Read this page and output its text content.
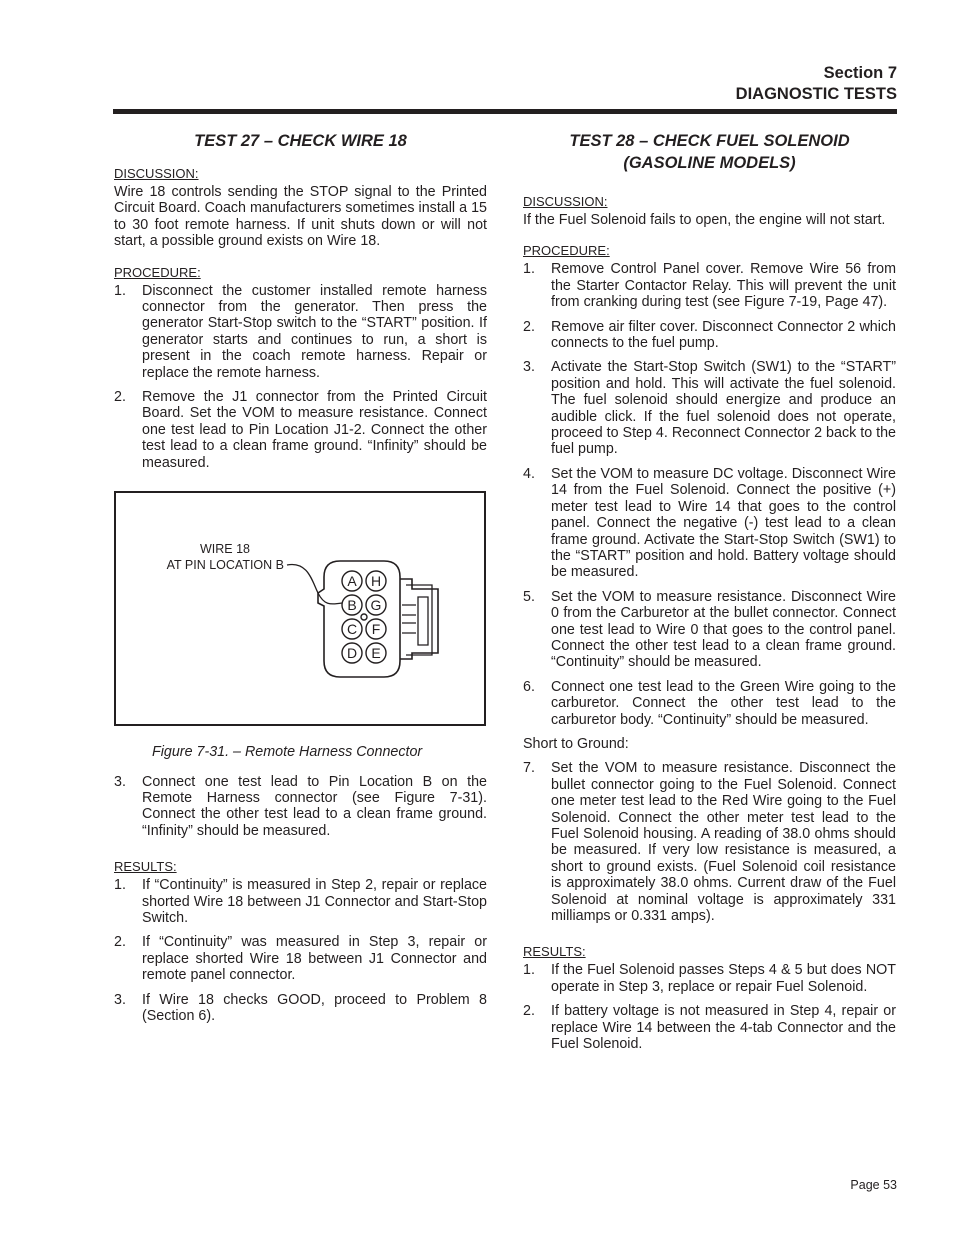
Section 7
DIAGNOSTIC TESTS
TEST 27 – CHECK WIRE 18
DISCUSSION:
Wire 18 controls sending the STOP signal to the Printed Circuit Board. Coach manufacturers sometimes install a 15 to 30 foot remote harness. If unit shuts down or will not start, a possible ground exists on Wire 18.
PROCEDURE:
1. Disconnect the customer installed remote harness connector from the generator. Then press the generator Start-Stop switch to the “START” position. If generator starts and continues to run, a short is present in the coach remote harness. Repair or replace the remote harness.
2. Remove the J1 connector from the Printed Circuit Board. Set the VOM to measure resistance. Connect one test lead to Pin Location J1-2. Connect the other test lead to a clean frame ground. “Infinity” should be measured.
WIRE 18
AT PIN LOCATION B
A H
B G
C F
D E
Figure 7-31. – Remote Harness Connector
3. Connect one test lead to Pin Location B on the Remote Harness connector (see Figure 7-31). Connect the other test lead to a clean frame ground. “Infinity” should be measured.
RESULTS:
1. If “Continuity” is measured in Step 2, repair or replace shorted Wire 18 between J1 Connector and Start-Stop Switch.
2. If “Continuity” was measured in Step 3, repair or replace shorted Wire 18 between J1 Connector and remote panel connector.
3. If Wire 18 checks GOOD, proceed to Problem 8 (Section 6).
TEST 28 – CHECK FUEL SOLENOID
(GASOLINE MODELS)
DISCUSSION:
If the Fuel Solenoid fails to open, the engine will not start.
PROCEDURE:
1. Remove Control Panel cover. Remove Wire 56 from the Starter Contactor Relay. This will prevent the unit from cranking during test (see Figure 7-19, Page 47).
2. Remove air filter cover. Disconnect Connector 2 which connects to the fuel pump.
3. Activate the Start-Stop Switch (SW1) to the “START” position and hold. This will activate the fuel solenoid. The fuel solenoid should energize and produce an audible click. If the fuel solenoid does not operate, proceed to Step 4. Reconnect Connector 2 back to the fuel pump.
4. Set the VOM to measure DC voltage. Disconnect Wire 14 from the Fuel Solenoid. Connect the positive (+) meter test lead to Wire 14 that goes to the control panel. Connect the negative (-) test lead to a clean frame ground. Activate the Start-Stop Switch (SW1) to the “START” position and hold. Battery voltage should be measured.
5. Set the VOM to measure resistance. Disconnect Wire 0 from the Carburetor at the bullet connector. Connect one test lead to Wire 0 that goes to the control panel. Connect the other test lead to a clean frame ground. “Continuity” should be measured.
6. Connect one test lead to the Green Wire going to the carburetor. Connect the other test lead to the carburetor body. “Continuity” should be measured.
Short to Ground:
7. Set the VOM to measure resistance. Disconnect the bullet connector going to the Fuel Solenoid. Connect one meter test lead to the Red Wire going to the Fuel Solenoid. Connect the other meter test lead to the Fuel Solenoid housing. A reading of 38.0 ohms should be measured. If very low resistance is measured, a short to ground exists. (Fuel Solenoid coil resistance is approximately 38.0 ohms. Current draw of the Fuel Solenoid at nominal voltage is approximately 331 milliamps or 0.331 amps).
RESULTS:
1. If the Fuel Solenoid passes Steps 4 & 5 but does NOT operate in Step 3, replace or repair Fuel Solenoid.
2. If battery voltage is not measured in Step 4, repair or replace Wire 14 between the 4-tab Connector and the Fuel Solenoid.
Page 53
